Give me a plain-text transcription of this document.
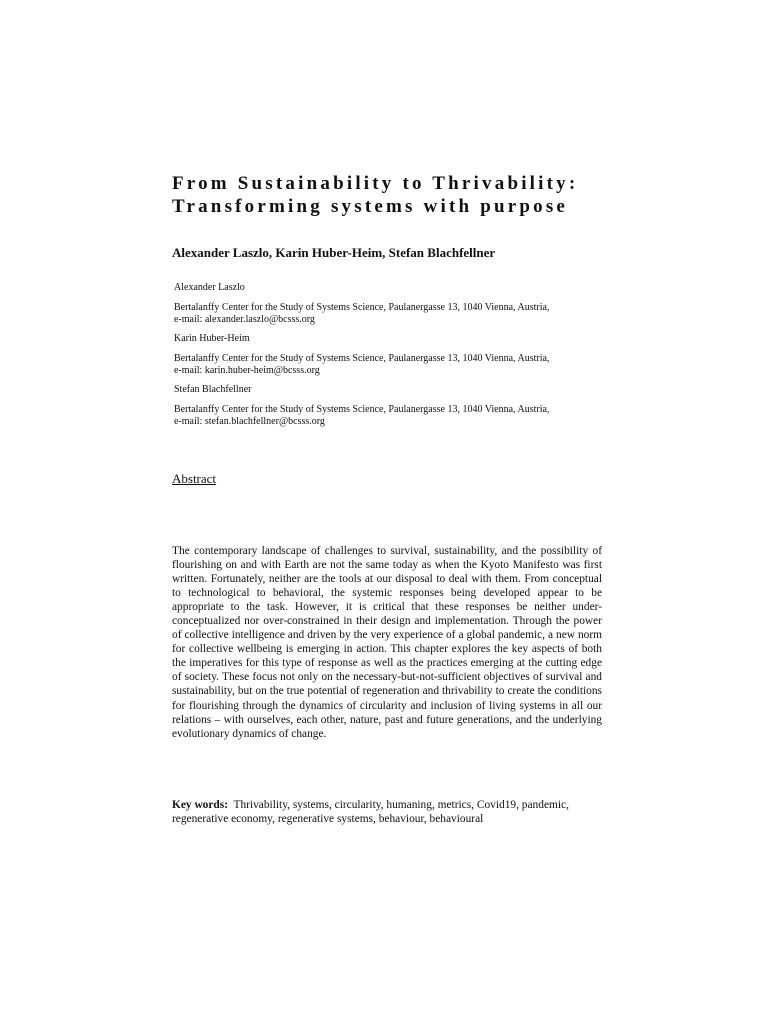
From Sustainability to Thrivability:
Transforming systems with purpose

Alexander Laszlo, Karin Huber-Heim, Stefan Blachfellner

Alexander Laszlo

Bertalanffy Center for the Study of Systems Science, Paulanergasse 13, 1040 Vienna, Austria,

e-mail: alexander.laszlo@bcsss.org

Karin Huber-Heim

Bertalanffy Center for the Study of Systems Science, Paulanergasse 13, 1040 Vienna, Austria,

e-mail: karin.huber-heim@bcsss.org

Stefan Blachfellner

Bertalanffy Center for the Study of Systems Science, Paulanergasse 13, 1040 Vienna, Austria,

e-mail: stefan.blachfellner@bcsss.org

Abstract

The contemporary landscape of challenges to survival, sustainability, and the possibility of flourishing on and with Earth are not the same today as when the Kyoto Manifesto was first written. Fortunately, neither are the tools at our disposal to deal with them. From conceptual to technological to behavioral, the systemic responses being developed appear to be appropriate to the task. However, it is critical that these responses be neither under-conceptualized nor over-constrained in their design and implementation. Through the power of collective intelligence and driven by the very experience of a global pandemic, a new norm for collective wellbeing is emerging in action. This chapter explores the key aspects of both the imperatives for this type of response as well as the practices emerging at the cutting edge of society. These focus not only on the necessary-but-not-sufficient objectives of survival and sustainability, but on the true potential of regeneration and thrivability to create the conditions for flourishing through the dynamics of circularity and inclusion of living systems in all our relations – with ourselves, each other, nature, past and future generations, and the underlying evolutionary dynamics of change.

Key words: Thrivability, systems, circularity, humaning, metrics, Covid19, pandemic, regenerative economy, regenerative systems, behaviour, behavioural
